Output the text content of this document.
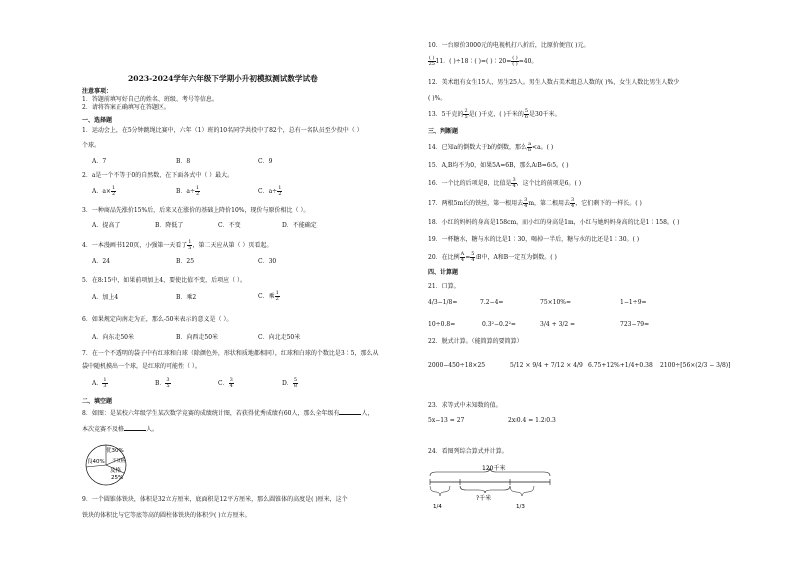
2023-2024学年六年级下学期小升初模拟测试数学试卷
注意事项：
1．答题前填写好自己的姓名、班级、考号等信息。
2．请将答案正确填写在答题区。
一、选择题
1．运动会上，在5分钟跳绳比赛中，六年（1）班的10名同学共投中了82个，总有一名队员至少投中（ ）
个球。
A．7	B．8	C．9
2．a是一个不等于0的自然数，在下面各式中（ ）最大。
A．$a\times \frac{1}{2}$	B．$a\div \frac{1}{2}$	C．$a\div \frac{1}{2}$
3．一种商品先涨价15%后，后来又在涨价的基础上降价10%，现价与原价相比（ ）。
A．提高了	B．降低了	C．不变	D．不能确定
4．一本漫画书120页，小强第一天看了 $\frac{1}{5}$ ，第二天应从第（ ）页看起。
A．24	B．25	C．30
5．在8:15中，如果前项加上4，要使比值不变，后项应（ ）。
A．加上4	B．乘2	C．乘 $\frac{1}{2}$
6．如果规定向南走为正，那么-50米表示的意义是（ ）。
A．向东走50米	B．向西走50米	C．向北走50米
7．在一个不透明的袋子中有红球和白球（除颜色外，形状和质地都相同），红球和白球的个数比是3∶5，那么从
袋中随机摸出一个球，是红球的可能性（ ）。
A． $\frac{1}{3}$	B． $\frac{3}{5}$	C． $\frac{3}{4}$	D． $\frac{5}{8}$
二、填空题
8．如图：是某校六年级学生某次数学竞赛的成绩统计图，若获得优秀成绩有60人，那么全年级有	人，
本次竞赛不及格	人。
优30%
良40% 不及格
及格
25%
9．一个圆锥体铁块，体积是32立方厘米，底面积是12平方厘米，那么圆锥体的高度是( )厘米，这个
铁块的体积比与它等底等高的圆柱体铁块的体积少( )立方厘米。
10．一台原价3000元的电视机打八折后，比原价便宜( )元。
$\frac{( )}{25} 11$．( )÷18∶( )=( )∶20= $\frac{( )}{( )} =40$。
12．美术组有女生15人，男生25人。男生人数占美术组总人数的( )%，女生人数比男生人数少
( )%。
13．5千克的 $\frac{2}{5}$ 是( )千克，( )千米的 $\frac{5}{6}$ 是30千米。
三、判断题
14．已知a的倒数大于b的倒数，那么 $\frac{a}{b} <a$。( )
15．A,B均不为0，如果5A=6B，那么A∶B=6∶5。( )
16．一个比的后项是8，比值是 $\frac{3}{4}$ ，这个比的前项是6。( )
17．两根5m长的铁丝，第一根用去 $\frac{3}{4}$ m，第二根用去 $\frac{3}{4}$ ，它们剩下的一样长。( )
18．小红的妈妈的身高是158cm，而小红的身高是1m，小红与她妈妈身高的比是1∶158。( )
19．一杯糖水，糖与水的比是1∶30，喝掉一半后，糖与水的比还是1∶30。( )
20．在比例 $\frac{A}{4} = \frac{5}{4}$ ∶B中，A和B一定互为倒数。( )
四、计算题
21．口算。
4/3−1/8=	7.2−4=	75×10%=	1−1÷9=
10÷0.8=	0.3²−0.2²=	3/4 + 3/2 =	723−79=
22．脱式计算。（能简算的要简算）
2000−450÷18×25	5/12 × 9/4 + 7/12 × 4/9 6.75+12%+1/4+0.38 2100÷[56×(2/3 − 3/8)]
23．求等式中未知数的值。
5x−13 = 27	2x∶0.4 = 1.2∶0.3
24．看图列综合算式并计算。
120千米
?千米
1/4	1/3
